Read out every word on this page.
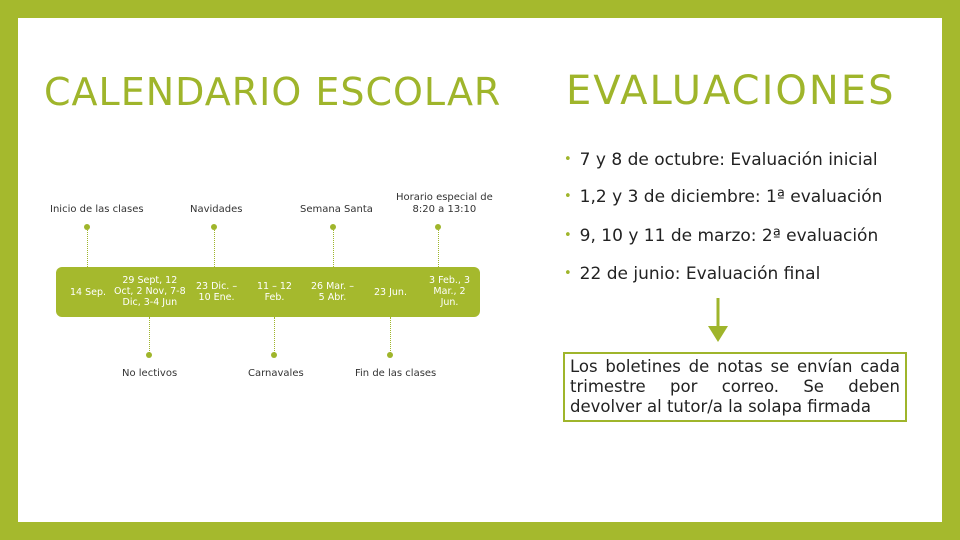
CALENDARIO ESCOLAR EVALUACIONES
Inicio de las clases	Navidades	Semana Santa
Horario especial de
8:20 a 13:10
14 Sep.
29 Sept, 12
Oct, 2 Nov, 7-8
Dic, 3-4 Jun
23 Dic. –
10 Ene.
11 – 12
Feb.
26 Mar. –
5 Abr.	23 Jun.
3 Feb., 3
Mar., 2
Jun.
No lectivos	Carnavales	Fin de las clases
• 7 y 8 de octubre: Evaluación inicial
• 1,2 y 3 de diciembre: 1ª evaluación
• 9, 10 y 11 de marzo: 2ª evaluación
• 22 de junio: Evaluación final
Los boletines de notas se envían cada trimestre por correo. Se deben devolver al tutor/a la solapa firmada
